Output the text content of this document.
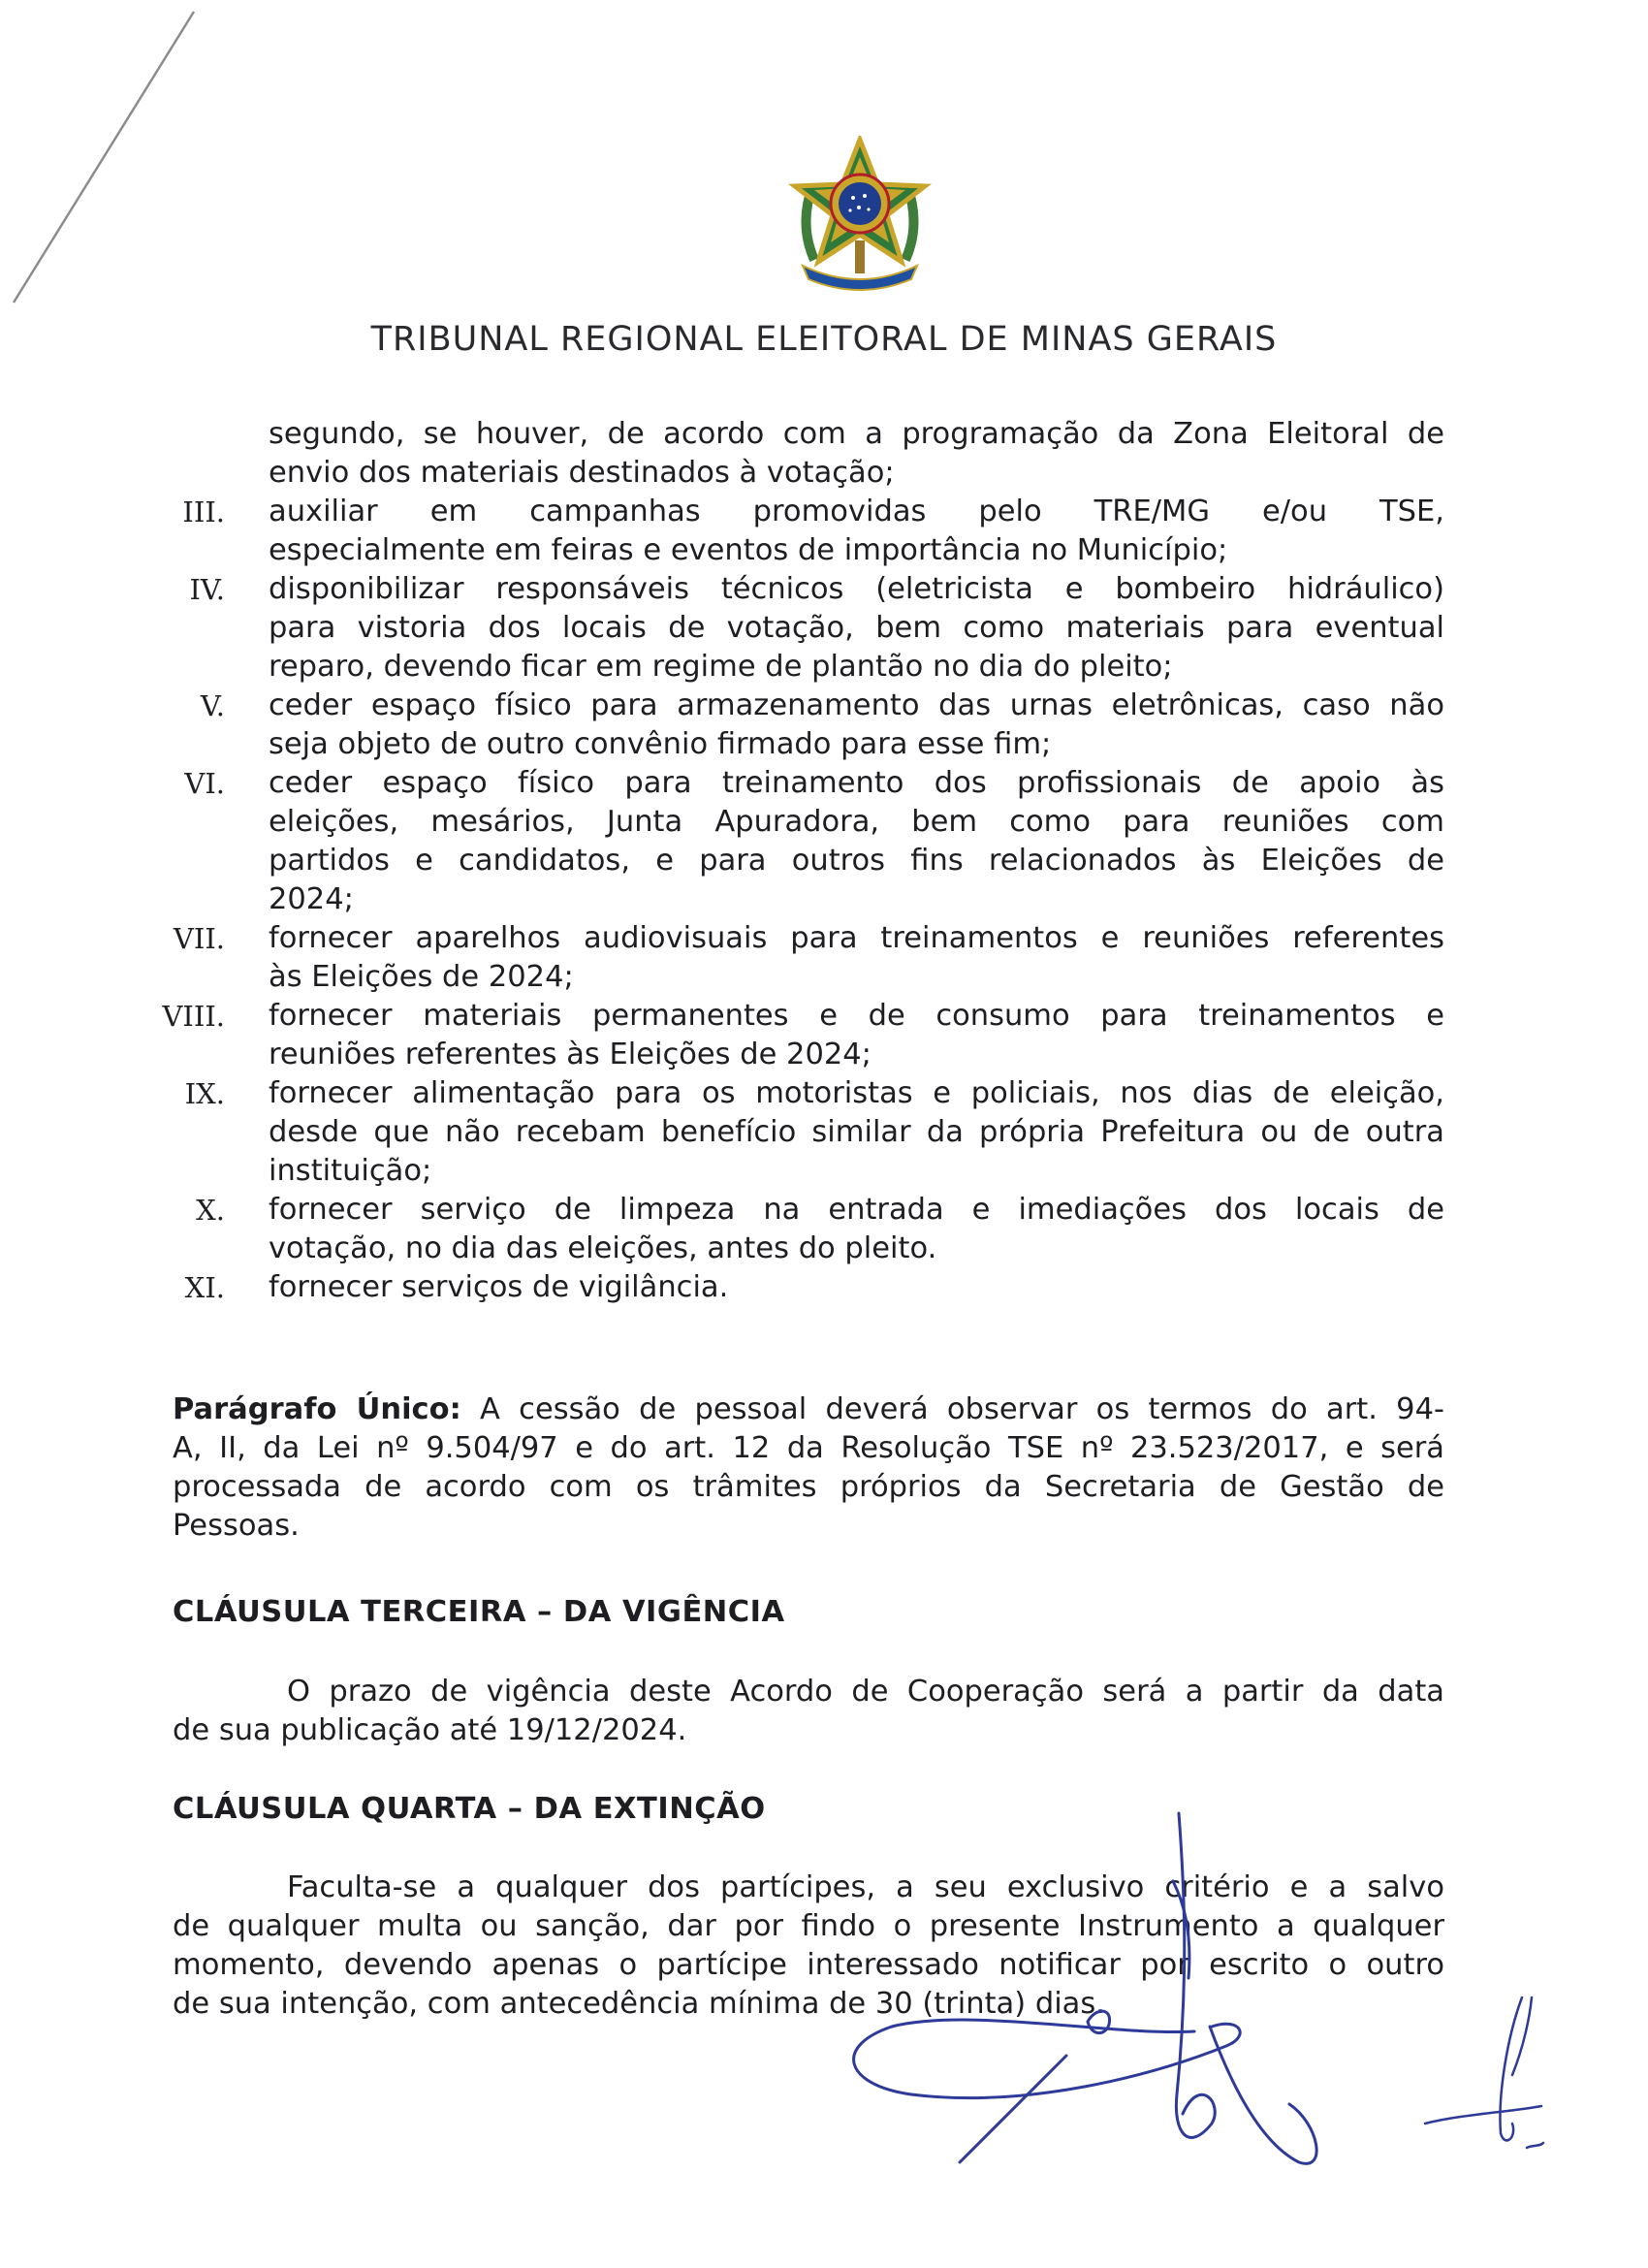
TRIBUNAL REGIONAL ELEITORAL DE MINAS GERAIS
segundo, se houver, de acordo com a programação da Zona Eleitoral de
envio dos materiais destinados à votação;
III. auxiliar em campanhas promovidas pelo TRE/MG e/ou TSE,
especialmente em feiras e eventos de importância no Município;
IV. disponibilizar responsáveis técnicos (eletricista e bombeiro hidráulico)
para vistoria dos locais de votação, bem como materiais para eventual
reparo, devendo ficar em regime de plantão no dia do pleito;
V. ceder espaço físico para armazenamento das urnas eletrônicas, caso não
seja objeto de outro convênio firmado para esse fim;
VI. ceder espaço físico para treinamento dos profissionais de apoio às
eleições, mesários, Junta Apuradora, bem como para reuniões com
partidos e candidatos, e para outros fins relacionados às Eleições de
2024;
VII. fornecer aparelhos audiovisuais para treinamentos e reuniões referentes
às Eleições de 2024;
VIII. fornecer materiais permanentes e de consumo para treinamentos e
reuniões referentes às Eleições de 2024;
IX. fornecer alimentação para os motoristas e policiais, nos dias de eleição,
desde que não recebam benefício similar da própria Prefeitura ou de outra
instituição;
X. fornecer serviço de limpeza na entrada e imediações dos locais de
votação, no dia das eleições, antes do pleito.
XI. fornecer serviços de vigilância.
Parágrafo Único: A cessão de pessoal deverá observar os termos do art. 94-
A, II, da Lei nº 9.504/97 e do art. 12 da Resolução TSE nº 23.523/2017, e será
processada de acordo com os trâmites próprios da Secretaria de Gestão de
Pessoas.
CLÁUSULA TERCEIRA – DA VIGÊNCIA
O prazo de vigência deste Acordo de Cooperação será a partir da data
de sua publicação até 19/12/2024.
CLÁUSULA QUARTA – DA EXTINÇÃO
Faculta-se a qualquer dos partícipes, a seu exclusivo critério e a salvo
de qualquer multa ou sanção, dar por findo o presente Instrumento a qualquer
momento, devendo apenas o partícipe interessado notificar por escrito o outro
de sua intenção, com antecedência mínima de 30 (trinta) dias.
